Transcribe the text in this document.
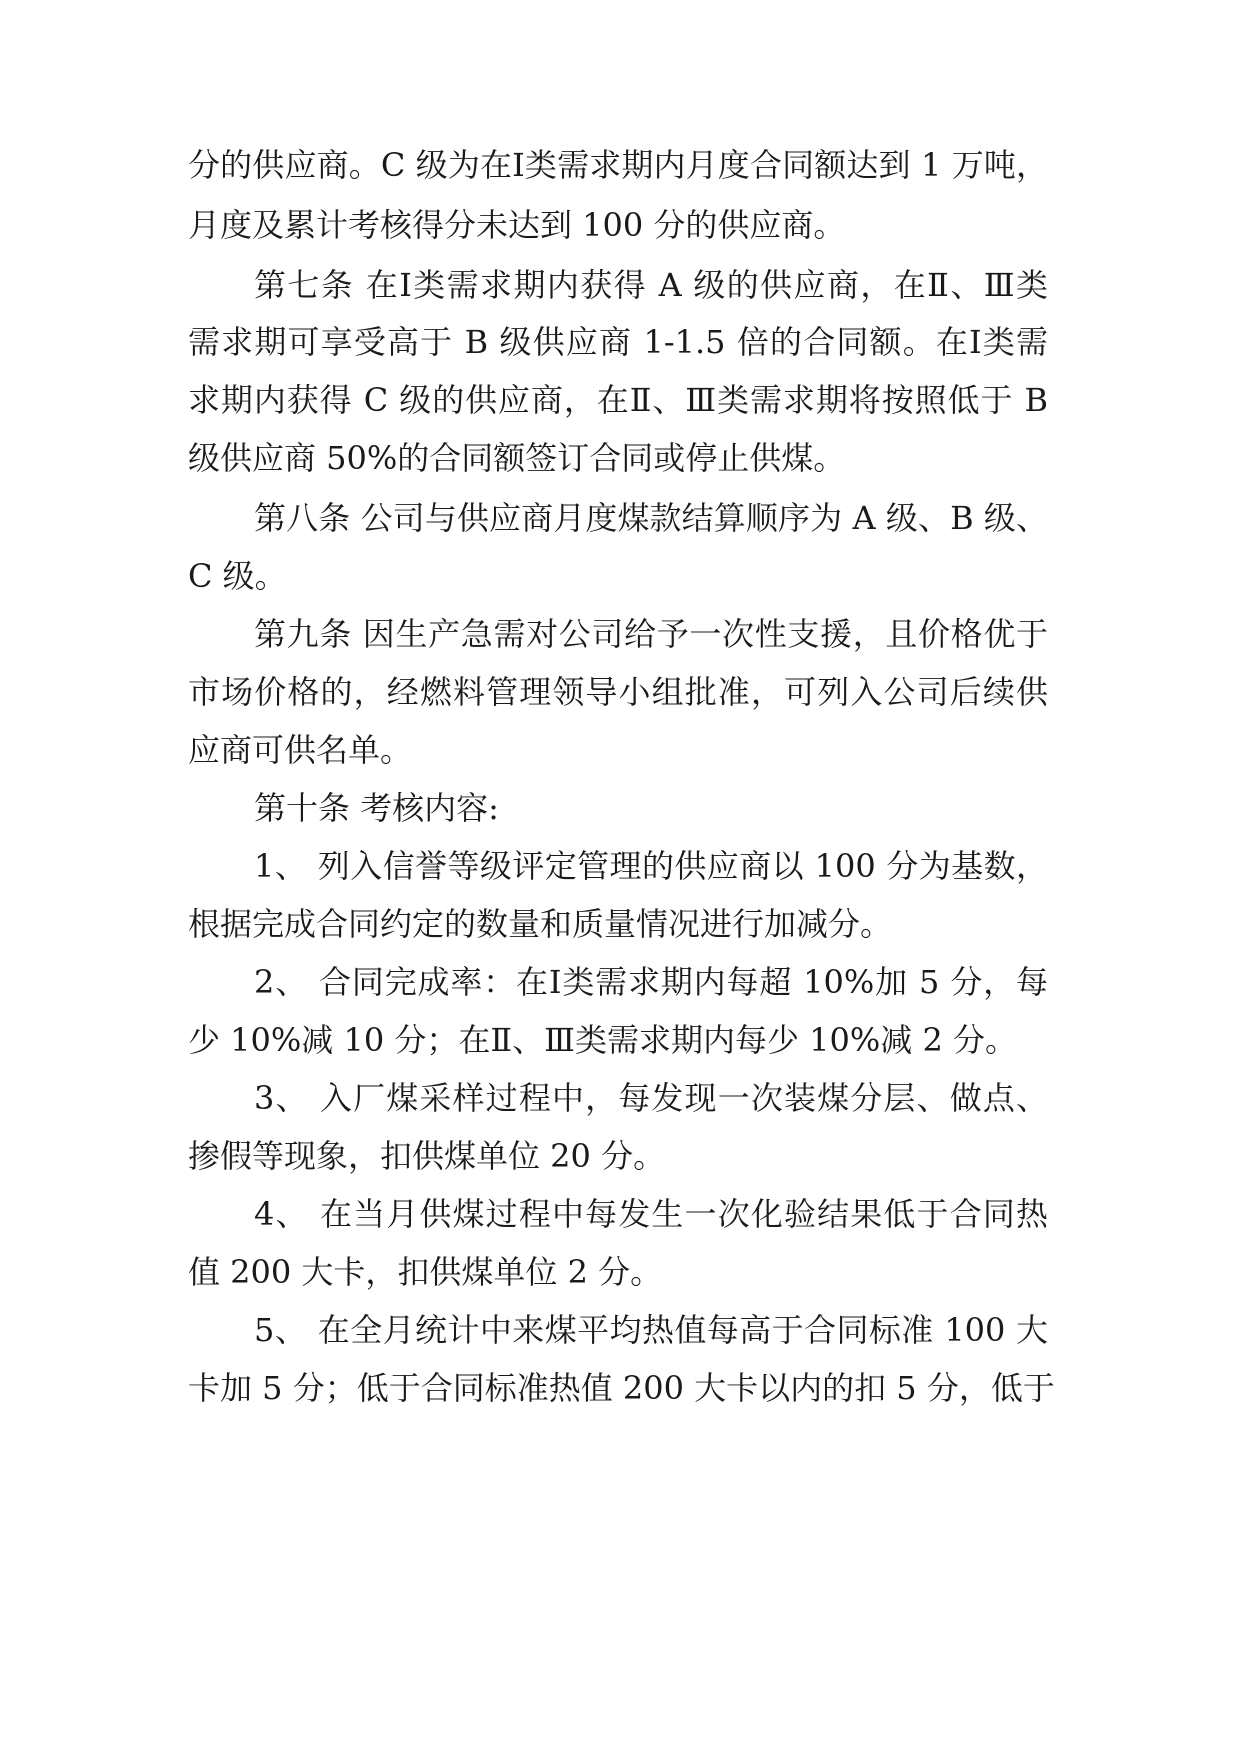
分的供应商。C 级为在Ⅰ类需求期内月度合同额达到 1 万吨，

月度及累计考核得分未达到 100 分的供应商。

第七条 在Ⅰ类需求期内获得 A 级的供应商，在Ⅱ、Ⅲ类

需求期可享受高于 B 级供应商 1-1.5 倍的合同额。在Ⅰ类需

求期内获得 C 级的供应商，在Ⅱ、Ⅲ类需求期将按照低于 B

级供应商 50%的合同额签订合同或停止供煤。

第八条 公司与供应商月度煤款结算顺序为 A 级、B 级、

C 级。

第九条 因生产急需对公司给予一次性支援，且价格优于

市场价格的，经燃料管理领导小组批准，可列入公司后续供

应商可供名单。

第十条 考核内容:

1、 列入信誉等级评定管理的供应商以 100 分为基数，

根据完成合同约定的数量和质量情况进行加减分。

2、 合同完成率：在Ⅰ类需求期内每超 10%加 5 分，每

少 10%减 10 分；在Ⅱ、Ⅲ类需求期内每少 10%减 2 分。

3、 入厂煤采样过程中，每发现一次装煤分层、做点、

掺假等现象，扣供煤单位 20 分。

4、 在当月供煤过程中每发生一次化验结果低于合同热

值 200 大卡，扣供煤单位 2 分。

5、 在全月统计中来煤平均热值每高于合同标准 100 大

卡加 5 分；低于合同标准热值 200 大卡以内的扣 5 分，低于
